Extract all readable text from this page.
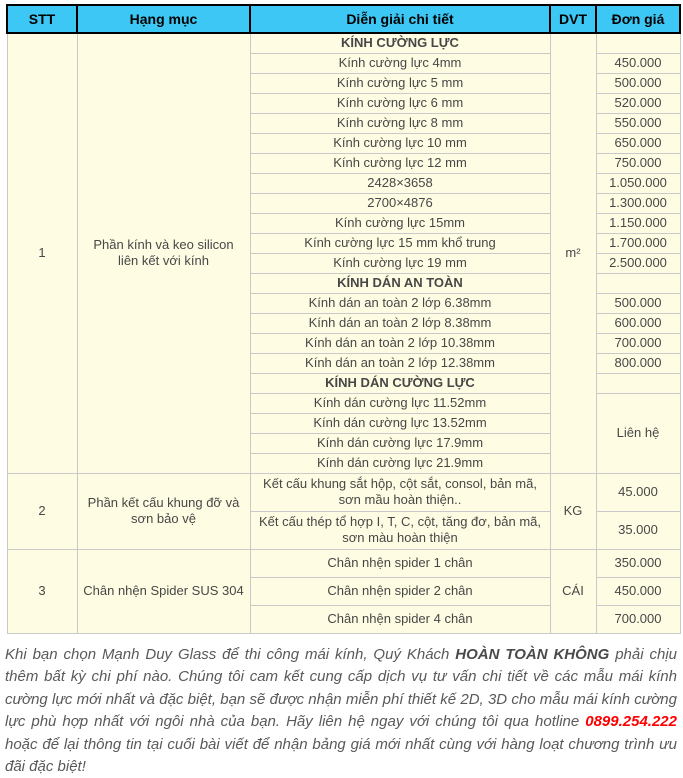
STT	Hạng mục	Diễn giải chi tiết	DVT	Đơn giá
1	Phần kính và keo silicon liên kết với kính	KÍNH CƯỜNG LỰC	m²	
		Kính cường lực 4mm		450.000
		Kính cường lực 5 mm		500.000
		Kính cường lực 6 mm		520.000
		Kính cường lực 8 mm		550.000
		Kính cường lực 10 mm		650.000
		Kính cường lực 12 mm		750.000
		2428×3658		1.050.000
		2700×4876		1.300.000
		Kính cường lực 15mm		1.150.000
		Kính cường lực 15 mm khổ trung		1.700.000
		Kính cường lực 19 mm		2.500.000
		KÍNH DÁN AN TOÀN		
		Kính dán an toàn 2 lớp 6.38mm		500.000
		Kính dán an toàn 2 lớp 8.38mm		600.000
		Kính dán an toàn 2 lớp 10.38mm		700.000
		Kính dán an toàn 2 lớp 12.38mm		800.000
		KÍNH DÁN CƯỜNG LỰC		
		Kính dán cường lực 11.52mm		Liên hệ
		Kính dán cường lực 13.52mm		
		Kính dán cường lực 17.9mm		
		Kính dán cường lực 21.9mm		
2	Phần kết cấu khung đỡ và sơn bảo vệ	Kết cấu khung sắt hộp, cột sắt, consol, bản mã, sơn mầu hoàn thiện..	KG	45.000
		Kết cấu thép tổ hợp I, T, C, cột, tăng đơ, bản mã, sơn màu hoàn thiện		35.000
3	Chân nhện Spider SUS 304	Chân nhện spider 1 chân	CÁI	350.000
		Chân nhện spider 2 chân		450.000
		Chân nhện spider 4 chân		700.000

Khi bạn chọn Mạnh Duy Glass để thi công mái kính, Quý Khách HOÀN TOÀN KHÔNG phải chịu thêm bất kỳ chi phí nào. Chúng tôi cam kết cung cấp dịch vụ tư vấn chi tiết về các mẫu mái kính cường lực mới nhất và đặc biệt, bạn sẽ được nhận miễn phí thiết kế 2D, 3D cho mẫu mái kính cường lực phù hợp nhất với ngôi nhà của bạn. Hãy liên hệ ngay với chúng tôi qua hotline 0899.254.222 hoặc để lại thông tin tại cuối bài viết để nhận bảng giá mới nhất cùng với hàng loạt chương trình ưu đãi đặc biệt!
